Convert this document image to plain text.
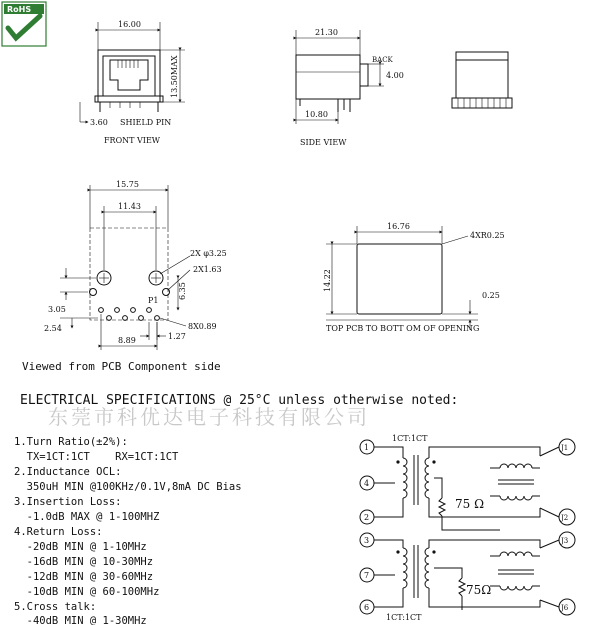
RoHS
16.00
13.50MAX
3.60 SHIELD PIN
FRONT VIEW
21.30
BACK
4.00
10.80
SIDE VIEW
15.75
11.43
2X φ3.25
2X1.63
P1
6.35
3.05
2.54	8X0.89
1.27
8.89
Viewed from PCB Component side
16.76
4XR0.25
14.22
0.25
TOP PCB TO BOTT OM OF OPENING
ELECTRICAL SPECIFICATIONS @ 25°C unless otherwise noted:
东莞市科优达电子科技有限公司
1.Turn Ratio(±2%):
TX=1CT:1CT    RX=1CT:1CT
2.Inductance OCL:
350uH MIN @100KHz/0.1V,8mA DC Bias
3.Insertion Loss:
-1.0dB MAX @ 1-100MHZ
4.Return Loss:
-20dB MIN @ 1-10MHz
-16dB MIN @ 10-30MHz
-12dB MIN @ 30-60MHz
-10dB MIN @ 60-100MHz
5.Cross talk:
-40dB MIN @ 1-30MHz
1CT:1CT
1CT:1CT
1
4
2
3
7
6
75 Ω
J1
J2
75Ω
J3
J6
